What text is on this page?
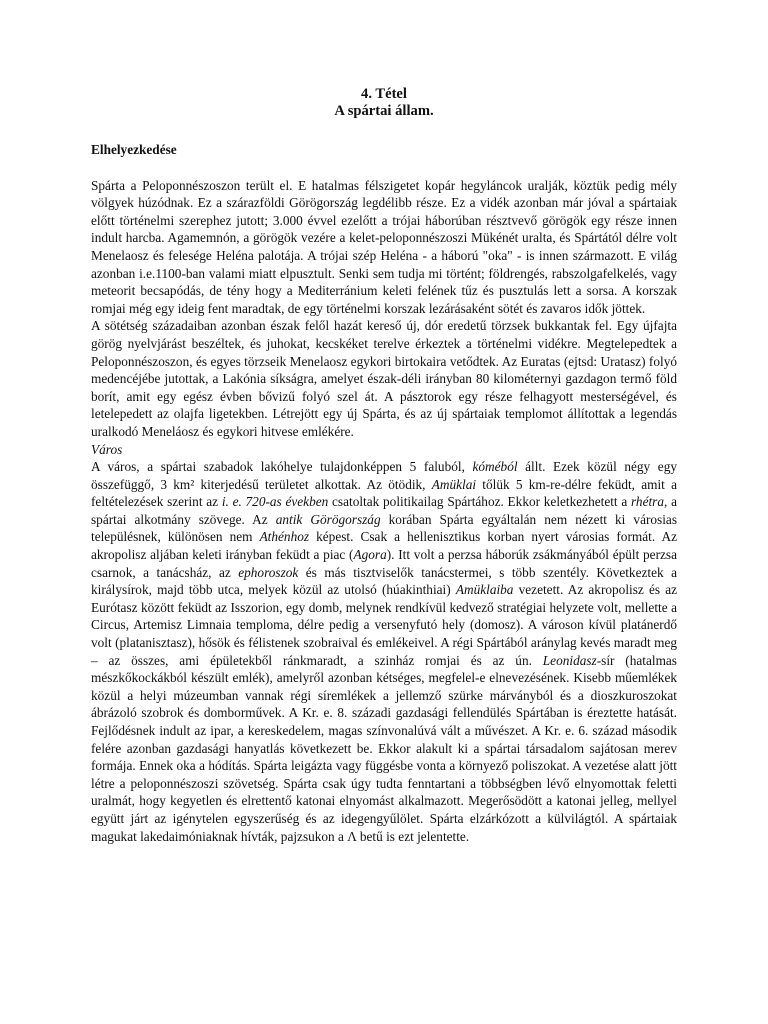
4. Tétel
A spártai állam.
Elhelyezkedése

Spárta a Peloponnészoszon terült el. E hatalmas félszigetet kopár hegyláncok uralják, köztük pedig mély völgyek húzódnak. Ez a szárazföldi Görögország legdélibb része. Ez a vidék azonban már jóval a spártaiak előtt történelmi szerephez jutott; 3.000 évvel ezelőtt a trójai háborúban résztvevő görögök egy része innen indult harcba. Agamemnón, a görögök vezére a kelet-peloponnészoszi Mükénét uralta, és Spártától délre volt Menelaosz és felesége Heléna palotája. A trójai szép Heléna - a háború "oka" - is innen származott. E világ azonban i.e.1100-ban valami miatt elpusztult. Senki sem tudja mi történt; földrengés, rabszolgafelkelés, vagy meteorit becsapódás, de tény hogy a Mediterránium keleti felének tűz és pusztulás lett a sorsa. A korszak romjai még egy ideig fent maradtak, de egy történelmi korszak lezárásaként sötét és zavaros idők jöttek.

A sötétség századaiban azonban észak felől hazát kereső új, dór eredetű törzsek bukkantak fel. Egy újfajta görög nyelvjárást beszéltek, és juhokat, kecskéket terelve érkeztek a történelmi vidékre. Megtelepedtek a Peloponnészoszon, és egyes törzseik Menelaosz egykori birtokaira vetődtek. Az Euratas (ejtsd: Uratasz) folyó medencéjébe jutottak, a Lakónia síkságra, amelyet észak-déli irányban 80 kilométernyi gazdagon termő föld borít, amit egy egész évben bővizű folyó szel át. A pásztorok egy része felhagyott mesterségével, és letelepedett az olajfa ligetekben. Létrejött egy új Spárta, és az új spártaiak templomot állítottak a legendás uralkodó Meneláosz és egykori hitvese emlékére.

Város

A város, a spártai szabadok lakóhelye tulajdonképpen 5 faluból, kóméból állt. Ezek közül négy egy összefüggő, 3 km² kiterjedésű területet alkottak. Az ötödik, Amüklai tőlük 5 km-re-délre feküdt, amit a feltételezések szerint az i. e. 720-as években csatoltak politikailag Spártához. Ekkor keletkezhetett a rhétra, a spártai alkotmány szövege. Az antik Görögország korában Spárta egyáltalán nem nézett ki városias településnek, különösen nem Athénhoz képest. Csak a hellenisztikus korban nyert városias formát. Az akropolisz aljában keleti irányban feküdt a piac (Agora). Itt volt a perzsa háborúk zsákmányából épült perzsa csarnok, a tanácsház, az ephoroszok és más tisztviselők tanácstermei, s több szentély. Következtek a királysírok, majd több utca, melyek közül az utolsó (húakinthiai) Amüklaiba vezetett. Az akropolisz és az Eurótasz között feküdt az Isszorion, egy domb, melynek rendkívül kedvező stratégiai helyzete volt, mellette a Circus, Artemisz Limnaia temploma, délre pedig a versenyfutó hely (domosz). A városon kívül platánerdő volt (platanisztasz), hősök és félistenek szobraival és emlékeivel. A régi Spártából aránylag kevés maradt meg – az összes, ami épületekből ránkmaradt, a szinház romjai és az ún. Leonidasz-sír (hatalmas mészkőkockákból készült emlék), amelyről azonban kétséges, megfelel-e elnevezésének. Kisebb műemlékek közül a helyi múzeumban vannak régi síremlékek a jellemző szürke márványból és a dioszkuroszokat ábrázoló szobrok és domborművek. A Kr. e. 8. századi gazdasági fellendülés Spártában is éreztette hatását. Fejlődésnek indult az ipar, a kereskedelem, magas színvonalúvá vált a művészet. A Kr. e. 6. század második felére azonban gazdasági hanyatlás következett be. Ekkor alakult ki a spártai társadalom sajátosan merev formája. Ennek oka a hódítás. Spárta leigázta vagy függésbe vonta a környező poliszokat. A vezetése alatt jött létre a peloponnészoszi szövetség. Spárta csak úgy tudta fenntartani a többségben lévő elnyomottak feletti uralmát, hogy kegyetlen és elrettentő katonai elnyomást alkalmazott. Megerősödött a katonai jelleg, mellyel együtt járt az igénytelen egyszerűség és az idegengyűlölet. Spárta elzárkózott a külvilágtól. A spártaiak magukat lakedaimóniaknak hívták, pajzsukon a Λ betű is ezt jelentette.
